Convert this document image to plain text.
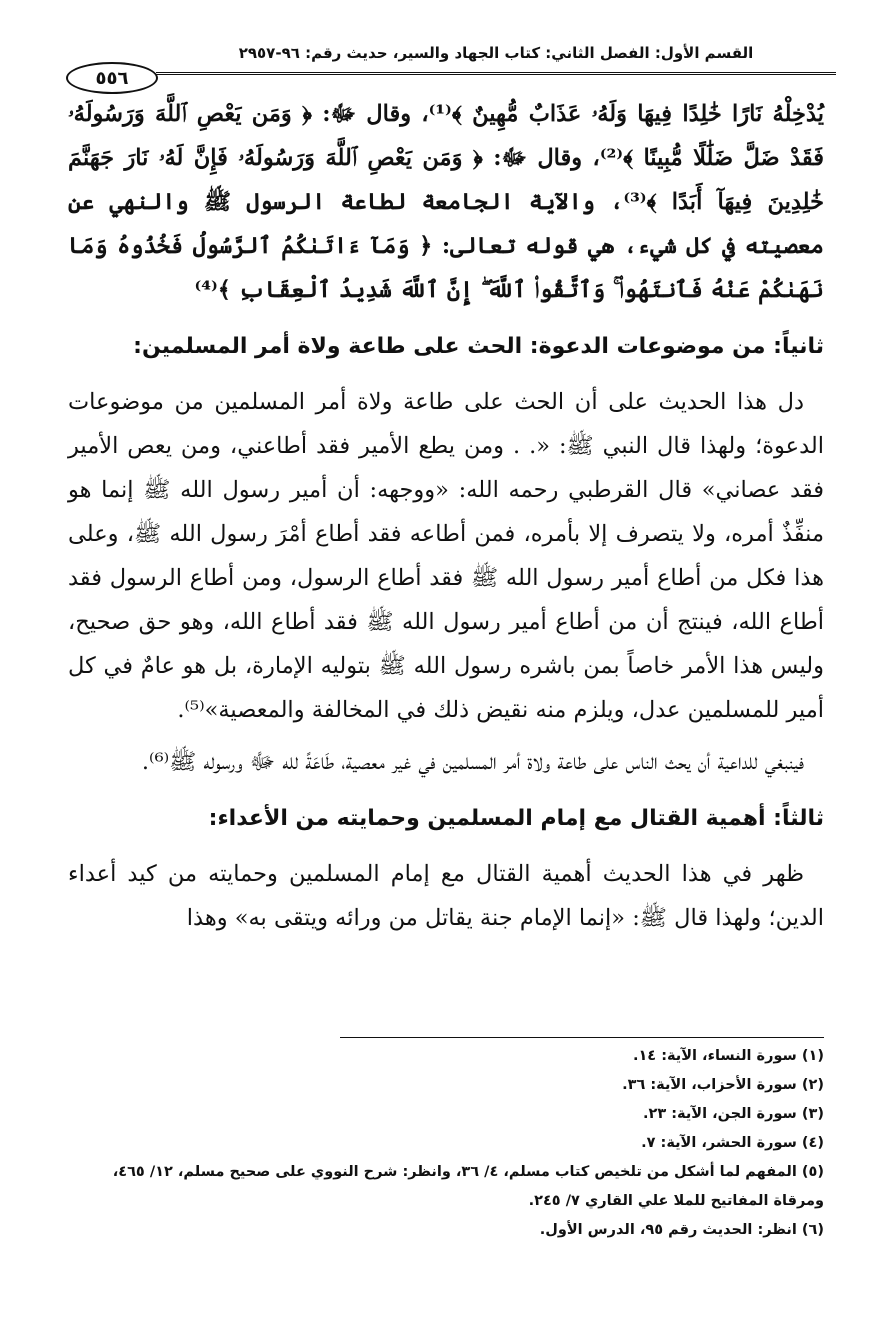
٥٥٦
القسم الأول: الفصل الثاني: كتاب الجهاد والسير، حديث رقم: ٩٦-٢٩٥٧

يُدْخِلْهُ نَارًا خَٰلِدًا فِيهَا وَلَهُۥ عَذَابٌ مُّهِينٌ ﴾⁽¹⁾، وقال ﷻ: ﴿ وَمَن يَعْصِ ٱللَّهَ وَرَسُولَهُۥ فَقَدْ ضَلَّ ضَلَٰلًا مُّبِينًا ﴾⁽²⁾، وقال ﷻ: ﴿ وَمَن يَعْصِ ٱللَّهَ وَرَسُولَهُۥ فَإِنَّ لَهُۥ نَارَ جَهَنَّمَ خَٰلِدِينَ فِيهَآ أَبَدًا ﴾⁽³⁾، والآية الجامعة لطاعة الرسول ﷺ والنهي عن معصيته في كل شيء، هي قوله تعالى: ﴿ وَمَآ ءَاتَىٰكُمُ ٱلرَّسُولُ فَخُذُوهُ وَمَا نَهَىٰكُمْ عَنْهُ فَٱنتَهُوا۟ ۚ وَٱتَّقُوا۟ ٱللَّهَ ۖ إِنَّ ٱللَّهَ شَدِيدُ ٱلْعِقَابِ ﴾⁽⁴⁾

ثانياً: من موضوعات الدعوة: الحث على طاعة ولاة أمر المسلمين:

دل هذا الحديث على أن الحث على طاعة ولاة أمر المسلمين من موضوعات الدعوة؛ ولهذا قال النبي ﷺ: «. . ومن يطع الأمير فقد أطاعني، ومن يعص الأمير فقد عصاني» قال القرطبي رحمه الله: «ووجهه: أن أمير رسول الله ﷺ إنما هو منفِّذٌ أمره، ولا يتصرف إلا بأمره، فمن أطاعه فقد أطاع أمْرَ رسول الله ﷺ، وعلى هذا فكل من أطاع أمير رسول الله ﷺ فقد أطاع الرسول، ومن أطاع الرسول فقد أطاع الله، فينتج أن من أطاع أمير رسول الله ﷺ فقد أطاع الله، وهو حق صحيح، وليس هذا الأمر خاصاً بمن باشره رسول الله ﷺ بتوليه الإمارة، بل هو عامٌ في كل أمير للمسلمين عدل، ويلزم منه نقيض ذلك في المخالفة والمعصية»⁽⁵⁾.

فينبغي للداعية أن يحث الناس على طاعة ولاة أمر المسلمين في غير معصية، طَاعَةً لله ﷻ ورسوله ﷺ⁽⁶⁾.

ثالثاً: أهمية القتال مع إمام المسلمين وحمايته من الأعداء:

ظهر في هذا الحديث أهمية القتال مع إمام المسلمين وحمايته من كيد أعداء الدين؛ ولهذا قال ﷺ: «إنما الإمام جنة يقاتل من ورائه ويتقى به» وهذا

(١) سورة النساء، الآية: ١٤.

(٢) سورة الأحزاب، الآية: ٣٦.

(٣) سورة الجن، الآية: ٢٣.

(٤) سورة الحشر، الآية: ٧.

(٥) المفهم لما أشكل من تلخيص كتاب مسلم، ٤/ ٣٦، وانظر: شرح النووي على صحيح مسلم، ١٢/ ٤٦٥، ومرقاة المفاتيح للملا علي القاري ٧/ ٢٤٥.

(٦) انظر: الحديث رقم ٩٥، الدرس الأول.
